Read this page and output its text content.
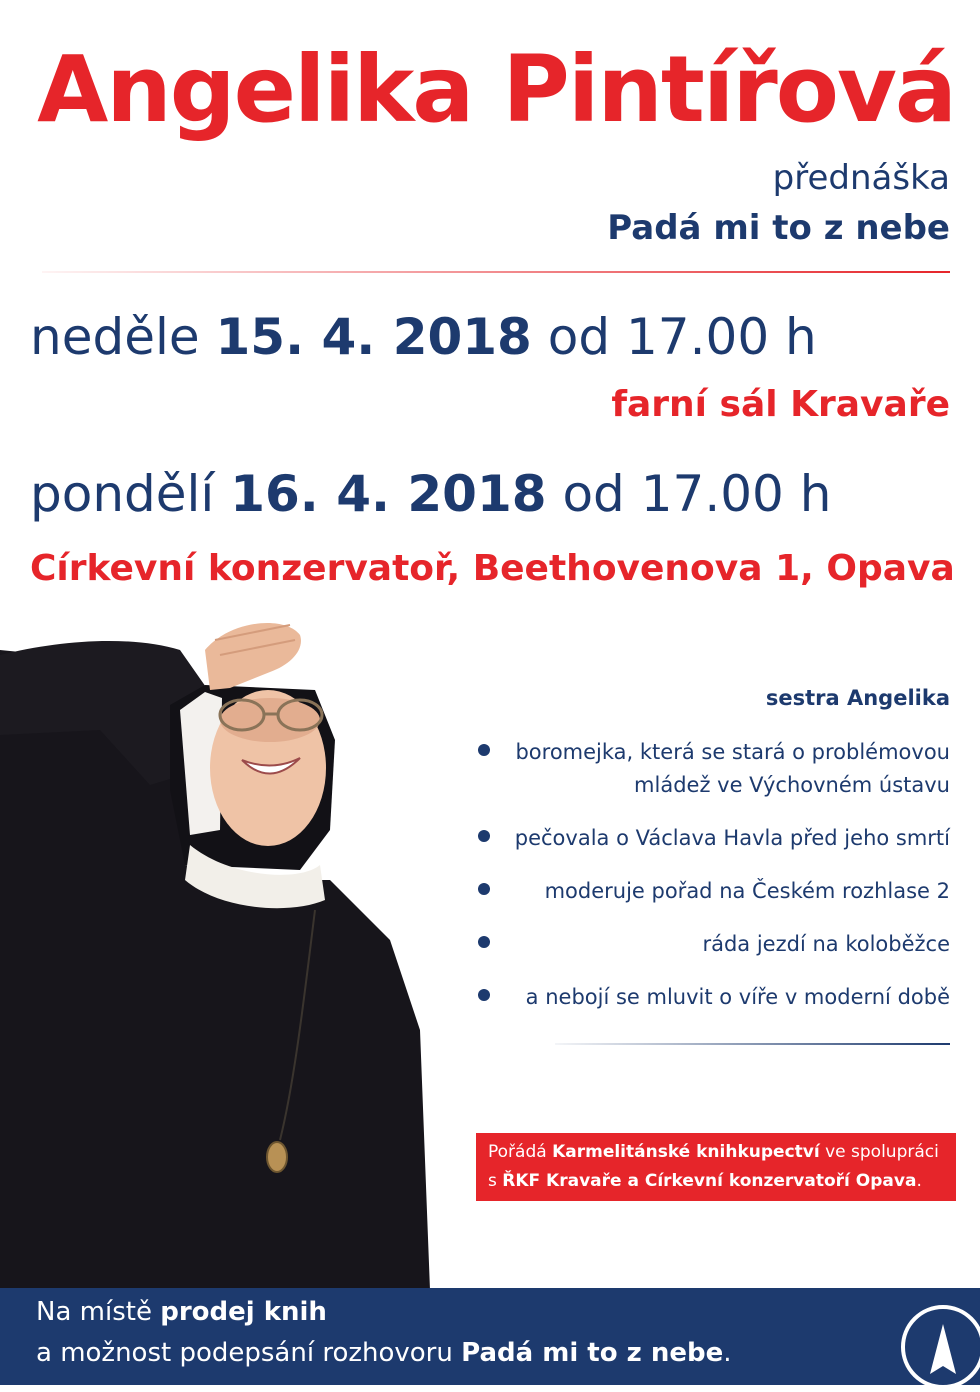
Angelika Pintířová
přednáška
Padá mi to z nebe
neděle 15. 4. 2018 od 17.00 h
farní sál Kravaře
pondělí 16. 4. 2018 od 17.00 h
Církevní konzervatoř, Beethovenova 1, Opava
sestra Angelika
boromejka, která se stará o problémovou
mládež ve Výchovném ústavu
pečovala o Václava Havla před jeho smrtí
moderuje pořad na Českém rozhlase 2
ráda jezdí na koloběžce
a nebojí se mluvit o víře v moderní době
Pořádá Karmelitánské knihkupectví ve spolupráci
s ŘKF Kravaře a Církevní konzervatoří Opava.
Na místě prodej knih
a možnost podepsání rozhovoru Padá mi to z nebe.
